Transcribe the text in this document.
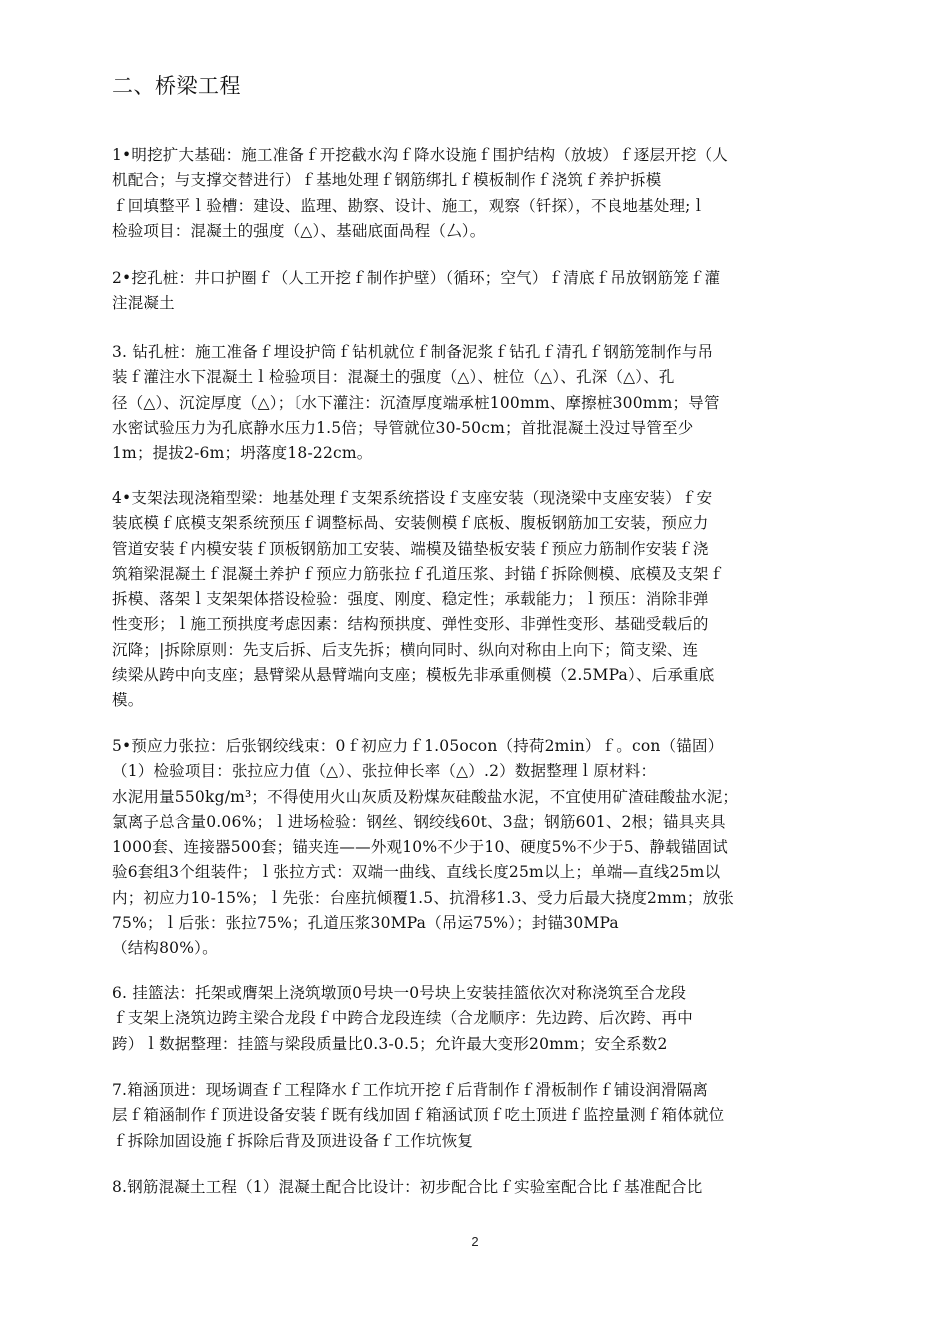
二、桥梁工程
1•明挖扩大基础：施工准备ｆ开挖截水沟ｆ降水设施ｆ围护结构（放坡）ｆ逐层开挖（人
机配合；与支撑交替进行）ｆ基地处理ｆ钢筋绑扎ｆ模板制作ｆ浇筑ｆ养护拆模
ｆ回填整平ｌ验槽：建设、监理、勘察、设计、施工，观察（钎探），不良地基处理;ｌ
检验项目：混凝土的强度（△）、基础底面咼程（厶）。
2•挖孔桩：井口护圈ｆ（人工开挖ｆ制作护壁）（循环；空气）ｆ清底ｆ吊放钢筋笼ｆ灌
注混凝土
3. 钻孔桩：施工准备ｆ埋设护筒ｆ钻机就位ｆ制备泥浆ｆ钻孔ｆ清孔ｆ钢筋笼制作与吊
装ｆ灌注水下混凝土ｌ检验项目：混凝土的强度（△）、桩位（△）、孔深（△）、孔
径（△）、沉淀厚度（△）；〔水下灌注：沉渣厚度端承桩100mm、摩擦桩300mm；导管
水密试验压力为孔底静水压力1.5倍；导管就位30-50cm；首批混凝土没过导管至少
1m；提拔2-6m；坍落度18-22cm。
4•支架法现浇箱型梁：地基处理ｆ支架系统搭设ｆ支座安装（现浇梁中支座安装）ｆ安
装底模ｆ底模支架系统预压ｆ调整标咼、安装侧模ｆ底板、腹板钢筋加工安装，预应力
管道安装ｆ内模安装ｆ顶板钢筋加工安装、端模及锚垫板安装ｆ预应力筋制作安装ｆ浇
筑箱梁混凝土ｆ混凝土养护ｆ预应力筋张拉ｆ孔道压浆、封锚ｆ拆除侧模、底模及支架ｆ
拆模、落架ｌ支架架体搭设检验：强度、刚度、稳定性；承载能力；ｌ预压：消除非弹
性变形；ｌ施工预拱度考虑因素：结构预拱度、弹性变形、非弹性变形、基础受载后的
沉降；|拆除原则：先支后拆、后支先拆；横向同时、纵向对称由上向下；简支梁、连
续梁从跨中向支座；悬臂梁从悬臂端向支座；模板先非承重侧模（2.5MPa）、后承重底
模。
5•预应力张拉：后张钢绞线束：0ｆ初应力ｆ1.05ocon（持荷2min）ｆ。con（锚固）
（1）检验项目：张拉应力值（△）、张拉伸长率（△）.2）数据整理ｌ原材料：
水泥用量550kg/m³；不得使用火山灰质及粉煤灰硅酸盐水泥，不宜使用矿渣硅酸盐水泥；
氯离子总含量0.06%；ｌ进场检验：钢丝、钢绞线60t、3盘；钢筋601、2根；锚具夹具
1000套、连接器500套；锚夹连——外观10%不少于10、硬度5%不少于5、静载锚固试
验6套组3个组装件；ｌ张拉方式：双端一曲线、直线长度25m以上；单端—直线25m以
内；初应力10-15%；ｌ先张：台座抗倾覆1.5、抗滑移1.3、受力后最大挠度2mm；放张
75%；ｌ后张：张拉75%；孔道压浆30MPa（吊运75%）；封锚30MPa
（结构80%）。
6. 挂篮法：托架或膺架上浇筑墩顶0号块一0号块上安装挂篮依次对称浇筑至合龙段
ｆ支架上浇筑边跨主梁合龙段ｆ中跨合龙段连续（合龙顺序：先边跨、后次跨、再中
跨）ｌ数据整理：挂篮与梁段质量比0.3-0.5；允许最大变形20mm；安全系数2
7.箱涵顶进：现场调查ｆ工程降水ｆ工作坑开挖ｆ后背制作ｆ滑板制作ｆ铺设润滑隔离
层ｆ箱涵制作ｆ顶进设备安装ｆ既有线加固ｆ箱涵试顶ｆ吃土顶进ｆ监控量测ｆ箱体就位
ｆ拆除加固设施ｆ拆除后背及顶进设备ｆ工作坑恢复
8.钢筋混凝土工程（1）混凝土配合比设计：初步配合比ｆ实验室配合比ｆ基准配合比
2
